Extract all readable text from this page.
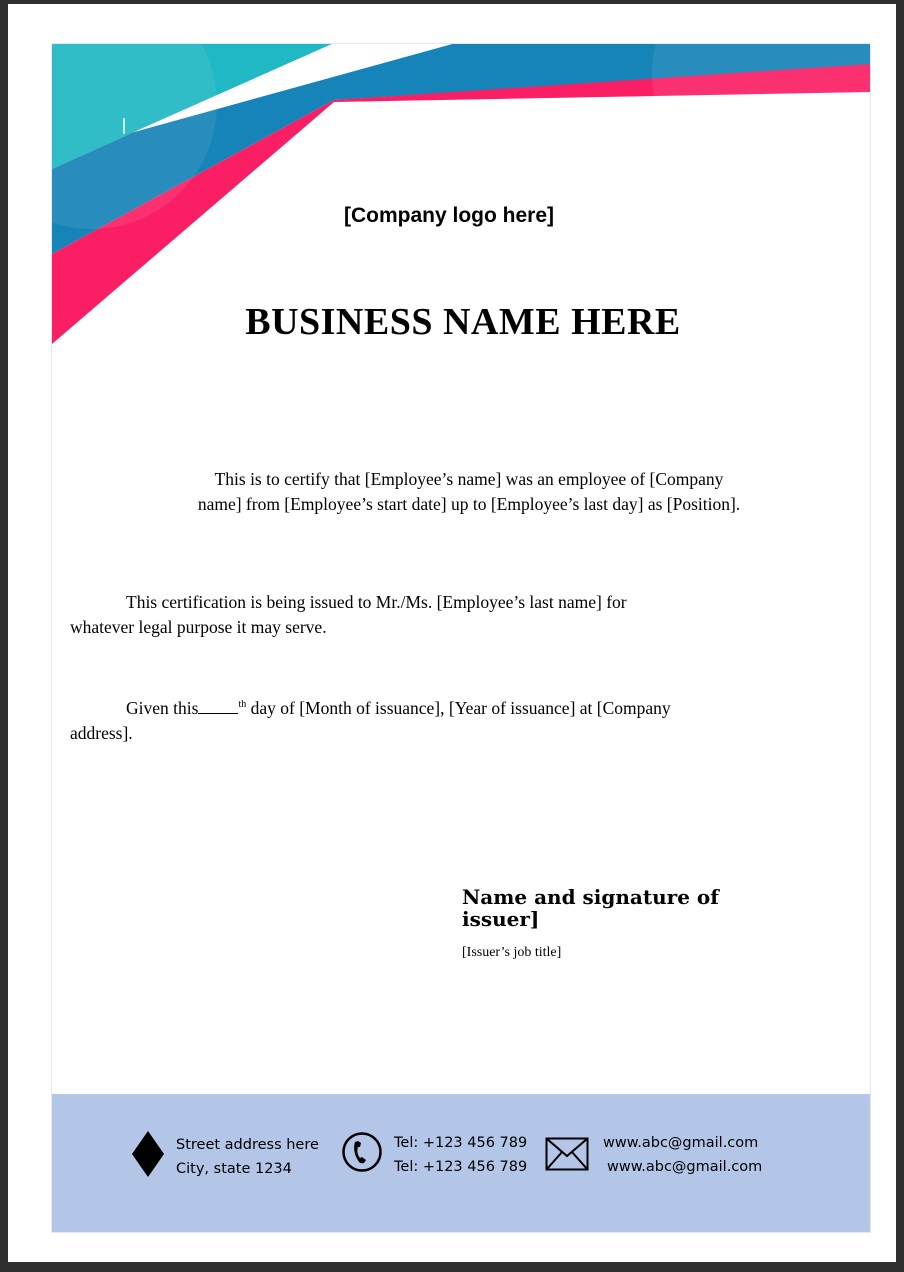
[Company logo here]
BUSINESS NAME HERE
This is to certify that [Employee’s name] was an employee of [Company
name] from [Employee’s start date] up to [Employee’s last day] as [Position].
This certification is being issued to Mr./Ms. [Employee’s last name] for
whatever legal purpose it may serve.
Given this	$^{th}$ day of [Month of issuance], [Year of issuance] at [Company
address].
Name and signature of issuer]
[Issuer’s job title]
Street address here
City, state 1234
Tel: +123 456 789
Tel: +123 456 789
www.abc@gmail.com
www.abc@gmail.com
